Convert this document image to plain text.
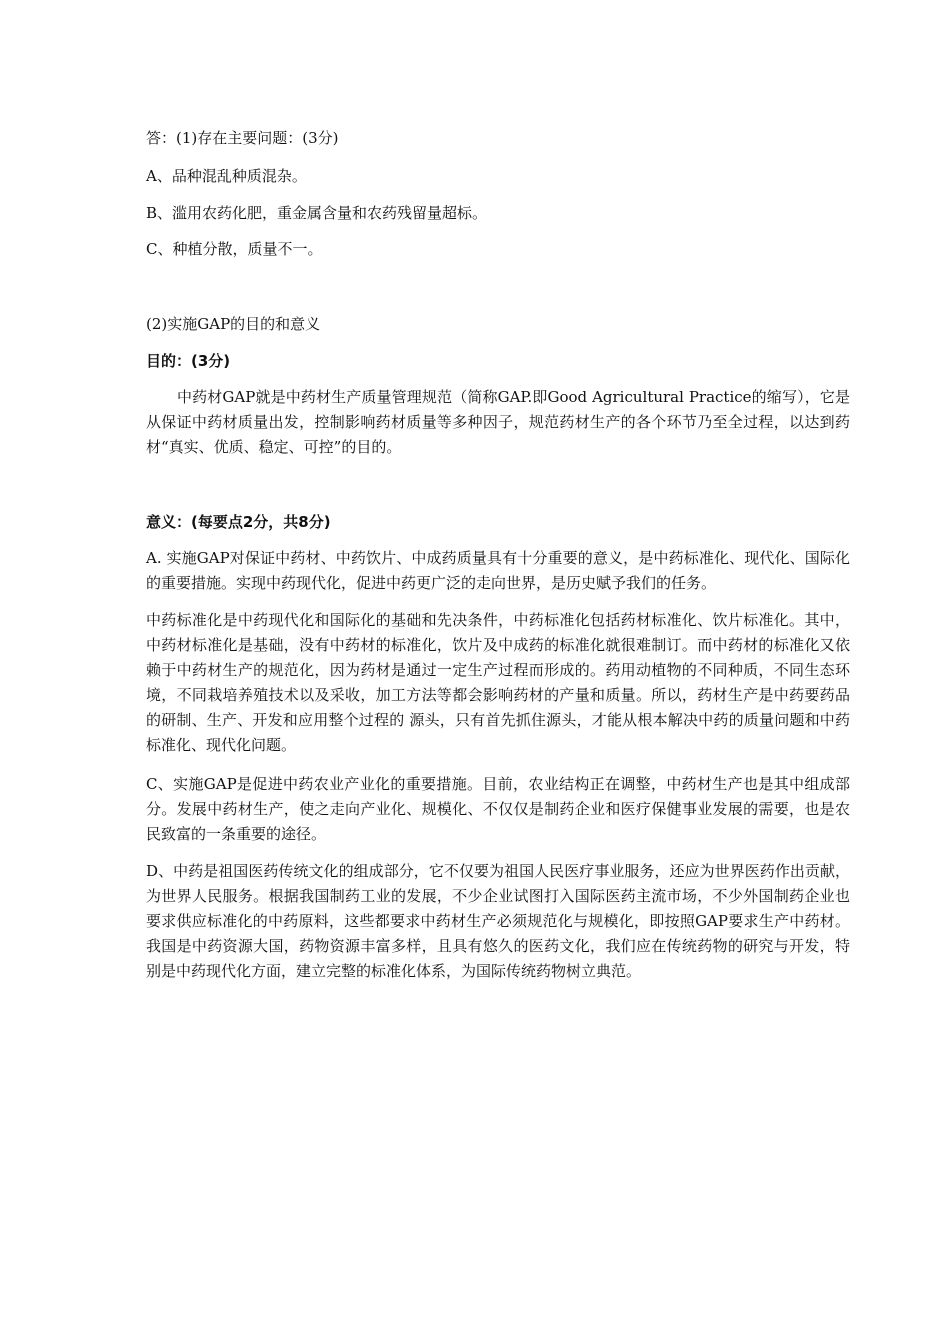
答：(1)存在主要问题：(3分)
A、品种混乱种质混杂。
B、滥用农药化肥，重金属含量和农药残留量超标。
C、种植分散，质量不一。
(2)实施GAP的目的和意义
目的：(3分)

中药材GAP就是中药材生产质量管理规范（简称GAP.即Good Agricultural Practice的缩写），它是从保证中药材质量出发，控制影响药材质量等多种因子，规范药材生产的各个环节乃至全过程，以达到药材“真实、优质、稳定、可控”的目的。

意义：(每要点2分，共8分)

A. 实施GAP对保证中药材、中药饮片、中成药质量具有十分重要的意义，是中药标准化、现代化、国际化的重要措施。实现中药现代化，促进中药更广泛的走向世界，是历史赋予我们的任务。

中药标准化是中药现代化和国际化的基础和先决条件，中药标准化包括药材标准化、饮片标准化。其中，中药材标准化是基础，没有中药材的标准化，饮片及中成药的标准化就很难制订。而中药材的标准化又依赖于中药材生产的规范化，因为药材是通过一定生产过程而形成的。药用动植物的不同种质，不同生态环境，不同栽培养殖技术以及采收，加工方法等都会影响药材的产量和质量。所以，药材生产是中药要药品的研制、生产、开发和应用整个过程的 源头，只有首先抓住源头，才能从根本解决中药的质量问题和中药标准化、现代化问题。

C、实施GAP是促进中药农业产业化的重要措施。目前，农业结构正在调整，中药材生产也是其中组成部分。发展中药材生产，使之走向产业化、规模化、不仅仅是制药企业和医疗保健事业发展的需要，也是农民致富的一条重要的途径。

D、中药是祖国医药传统文化的组成部分，它不仅要为祖国人民医疗事业服务，还应为世界医药作出贡献，为世界人民服务。根据我国制药工业的发展，不少企业试图打入国际医药主流市场，不少外国制药企业也要求供应标准化的中药原料，这些都要求中药材生产必须规范化与规模化，即按照GAP要求生产中药材。我国是中药资源大国，药物资源丰富多样，且具有悠久的医药文化，我们应在传统药物的研究与开发，特别是中药现代化方面，建立完整的标准化体系，为国际传统药物树立典范。
